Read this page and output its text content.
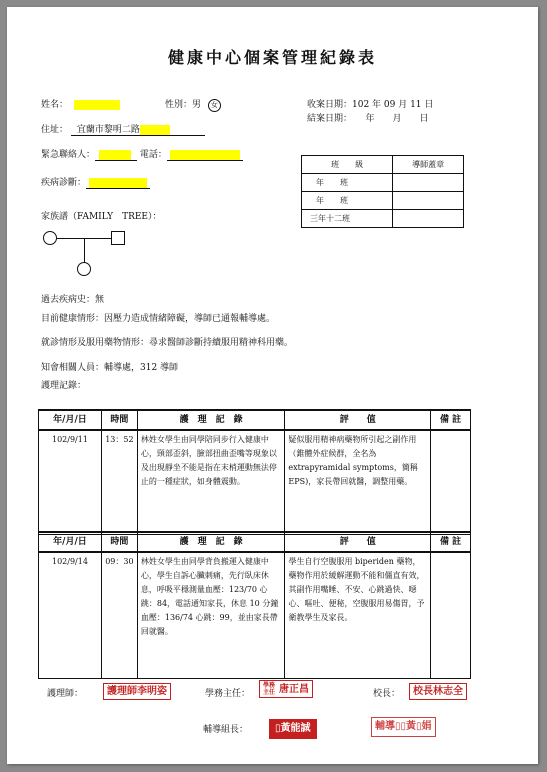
健康中心個案管理紀錄表
姓名：	性別：男 女
住址： 宜蘭市黎明二路
緊急聯絡人：	電話：
疾病診斷：
收案日期：102 年 09 月 11 日
結案日期：　　年　　月　　日
班　　級	導師蓋章
年　　班	
年　　班	
三年十二班	
家族譜（FAMILY　TREE）：
過去疾病史：無
目前健康情形：因壓力造成情緒障礙，導師已通報輔導處。
就診情形及服用藥物情形：尋求醫師診斷持續服用精神科用藥。
知會相關人員：輔導處，312 導師
護理記錄：
年/月/日	時間	護　理　記　錄	評　　值	備 註
102/9/11	13：52	林姓女學生由同學陪同步行入健康中心，頸部歪斜，臉部扭曲歪嘴等現象以及出現靜坐不能是指在末梢運動無法停止的一種症狀，如身體震動。	疑似服用精神病藥物所引起之副作用（錐體外症候群，全名為 extrapyramidal symptoms，簡稱 EPS)，家長帶回就醫，調整用藥。	
年/月/日	時間	護　理　記　錄	評　　值	備 註
102/9/14	09：30	林姓女學生由同學背負搬運入健康中心，學生自訴心臟刺痛，先行臥床休息，呼吸平穩測量血壓：123/70 心跳：84，電話通知家長，休息 10 分鐘血壓：136/74 心跳：99，並由家長帶回就醫。	學生自行空腹服用 biperiden 藥物，藥物作用於緩解運動不能和僵直有效，其副作用嘴睡、不安、心跳過快、噁心、嘔吐、便秘，空腹服用易傷胃，予衛教學生及家長。	
護理師：	護理師李明姿	學務主任：
學務主任 唐正昌	校長：	校長林志全
輔導組長：	▯黃能誠	輔導▯▯黃▯娟
